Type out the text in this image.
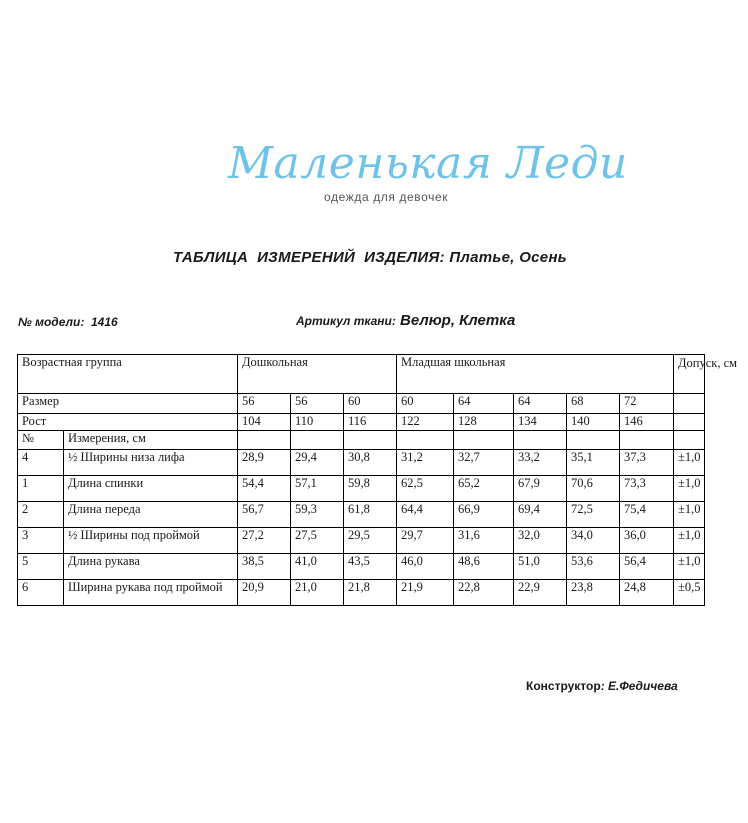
Маленькая Леди
одежда для девочек
ТАБЛИЦА  ИЗМЕРЕНИЙ  ИЗДЕЛИЯ: Платье, Осень
№ модели:  1416	Артикул ткани: Велюр, Клетка
Возрастная группа		Дошкольная			Младшая школьная					Допуск, см
Размер		56	56	60	60	64	64	68	72	
Рост		104	110	116	122	128	134	140	146	
№	Измерения, см									
4	½ Ширины низа лифа	28,9	29,4	30,8	31,2	32,7	33,2	35,1	37,3	±1,0
1	Длина спинки	54,4	57,1	59,8	62,5	65,2	67,9	70,6	73,3	±1,0
2	Длина переда	56,7	59,3	61,8	64,4	66,9	69,4	72,5	75,4	±1,0
3	½ Ширины под проймой	27,2	27,5	29,5	29,7	31,6	32,0	34,0	36,0	±1,0
5	Длина рукава	38,5	41,0	43,5	46,0	48,6	51,0	53,6	56,4	±1,0
6	Ширина рукава под проймой	20,9	21,0	21,8	21,9	22,8	22,9	23,8	24,8	±0,5
Конструктор: Е.Федичева
